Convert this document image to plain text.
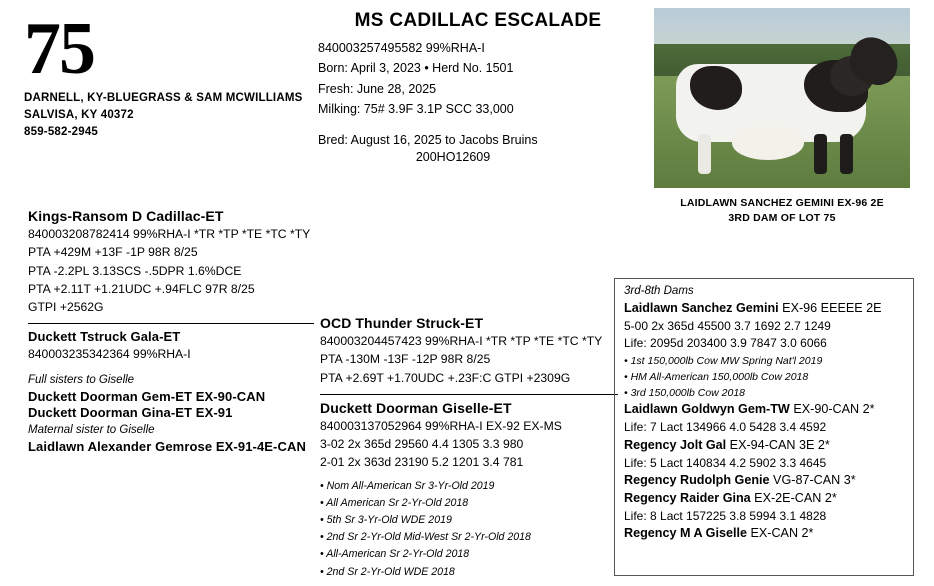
75
DARNELL, KY-BLUEGRASS & SAM MCWILLIAMS
SALVISA, KY 40372
859-582-2945
MS CADILLAC ESCALADE
840003257495582 99%RHA-I
Born: April 3, 2023 • Herd No. 1501
Fresh: June 28, 2025
Milking: 75# 3.9F 3.1P SCC 33,000
Bred: August 16, 2025 to Jacobs Bruins
200HO12609
LAIDLAWN SANCHEZ GEMINI EX-96 2E
3RD DAM OF LOT 75
Kings-Ransom D Cadillac-ET
840003208782414 99%RHA-I *TR *TP *TE *TC *TY
PTA +429M +13F -1P 98R 8/25
PTA -2.2PL 3.13SCS -.5DPR 1.6%DCE
PTA +2.11T +1.21UDC +.94FLC 97R 8/25
GTPI +2562G
Duckett Tstruck Gala-ET
840003235342364 99%RHA-I
Full sisters to Giselle
Duckett Doorman Gem-ET EX-90-CAN
Duckett Doorman Gina-ET EX-91
Maternal sister to Giselle
Laidlawn Alexander Gemrose EX-91-4E-CAN
OCD Thunder Struck-ET
840003204457423 99%RHA-I *TR *TP *TE *TC *TY
PTA -130M -13F -12P 98R 8/25
PTA +2.69T +1.70UDC +.23F:C GTPI +2309G
Duckett Doorman Giselle-ET
840003137052964 99%RHA-I EX-92 EX-MS
3-02 2x 365d 29560 4.4 1305 3.3 980
2-01 2x 363d 23190 5.2 1201 3.4 781
• Nom All-American Sr 3-Yr-Old 2019
• All American Sr 2-Yr-Old 2018
• 5th Sr 3-Yr-Old WDE 2019
• 2nd Sr 2-Yr-Old Mid-West Sr 2-Yr-Old 2018
• All-American Sr 2-Yr-Old 2018
• 2nd Sr 2-Yr-Old WDE 2018
3rd-8th Dams
Laidlawn Sanchez Gemini EX-96 EEEEE 2E
5-00 2x 365d 45500 3.7 1692 2.7 1249
Life: 2095d 203400 3.9 7847 3.0 6066
• 1st 150,000lb Cow MW Spring Nat'l 2019
• HM All-American 150,000lb Cow 2018
• 3rd 150,000lb Cow 2018
Laidlawn Goldwyn Gem-TW EX-90-CAN 2*
Life: 7 Lact 134966 4.0 5428 3.4 4592
Regency Jolt Gal EX-94-CAN 3E 2*
Life: 5 Lact 140834 4.2 5902 3.3 4645
Regency Rudolph Genie VG-87-CAN 3*
Regency Raider Gina EX-2E-CAN 2*
Life: 8 Lact 157225 3.8 5994 3.1 4828
Regency M A Giselle EX-CAN 2*
